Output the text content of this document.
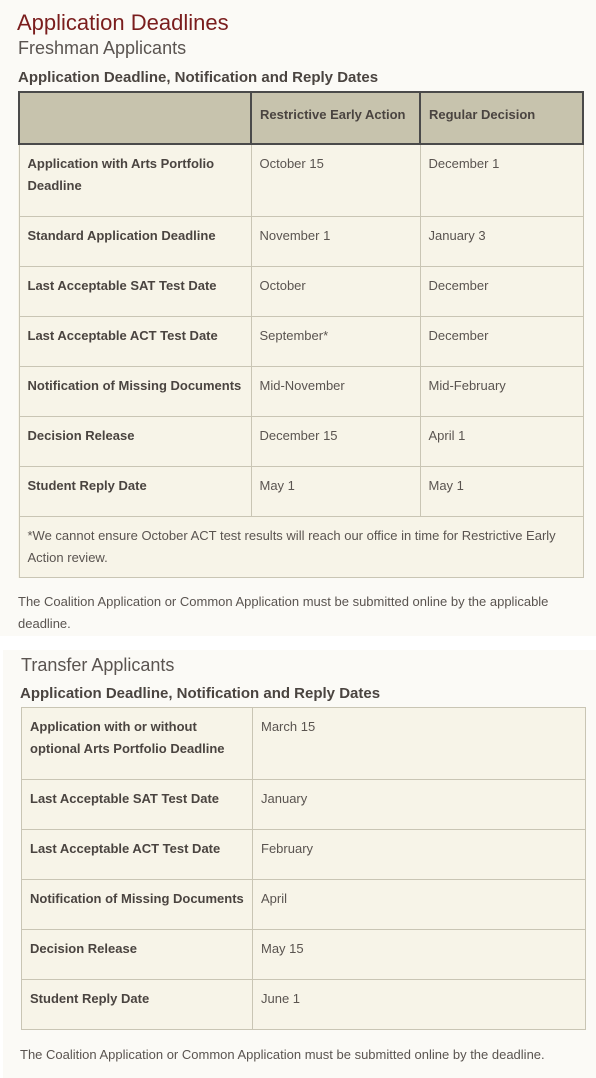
Application Deadlines
Freshman Applicants
Application Deadline, Notification and Reply Dates
	Restrictive Early Action	Regular Decision
Application with Arts Portfolio Deadline	October 15	December 1
Standard Application Deadline	November 1	January 3
Last Acceptable SAT Test Date	October	December
Last Acceptable ACT Test Date	September*	December
Notification of Missing Documents	Mid-November	Mid-February
Decision Release	December 15	April 1
Student Reply Date	May 1	May 1
*We cannot ensure October ACT test results will reach our office in time for Restrictive Early Action review.		

The Coalition Application or Common Application must be submitted online by the applicable deadline.

Transfer Applicants
Application Deadline, Notification and Reply Dates
Application with or without optional Arts Portfolio Deadline	March 15
Last Acceptable SAT Test Date	January
Last Acceptable ACT Test Date	February
Notification of Missing Documents	April
Decision Release	May 15
Student Reply Date	June 1

The Coalition Application or Common Application must be submitted online by the deadline.
